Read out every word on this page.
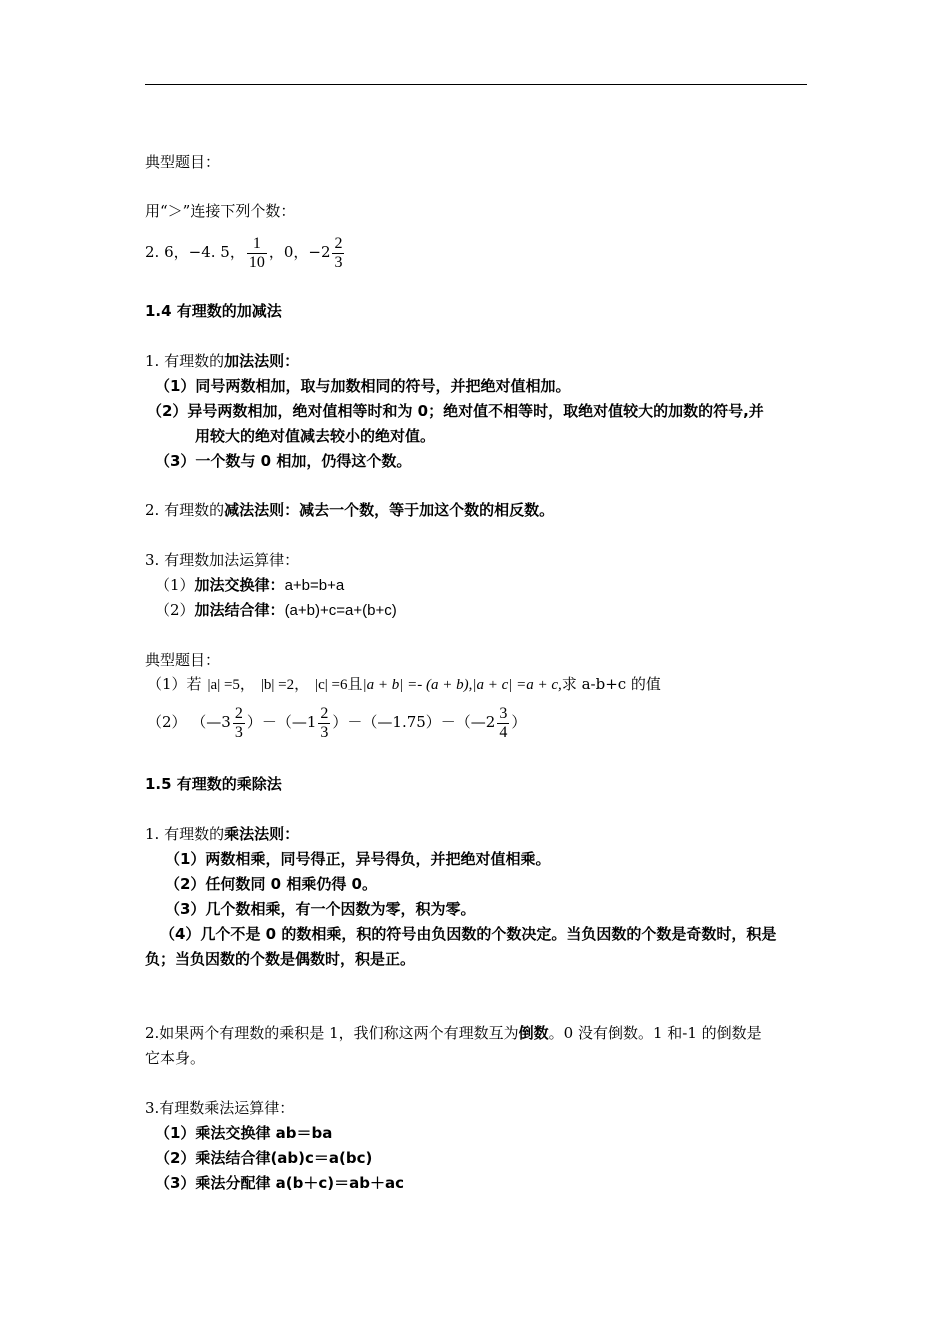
典型题目：
用“＞”连接下列个数：
2. 6，−4. 5， $\frac{1}{10}$ ，0，$-2 \frac{2}{3}$
1.4 有理数的加减法
1. 有理数的加法法则：
（1）同号两数相加，取与加数相同的符号，并把绝对值相加。
（2）异号两数相加，绝对值相等时和为 0；绝对值不相等时，取绝对值较大的加数的符号,并
用较大的绝对值减去较小的绝对值。
（3）一个数与 0 相加，仍得这个数。
2. 有理数的减法法则：减去一个数，等于加这个数的相反数。
3. 有理数加法运算律：
（1）加法交换律：a+b=b+a
（2）加法结合律：(a+b)+c=a+(b+c)
典型题目：
（1）若 |a| =5， |b| =2， |c| =6且|a + b| =- (a + b),|a + c| =a + c,求 a-b+c 的值
（2） （—3 $\frac{2}{3}$ ）－（—1 $\frac{2}{3}$ ）－（—1.75）－（—2 $\frac{3}{4}$ ）
1.5 有理数的乘除法
1. 有理数的乘法法则：
（1）两数相乘，同号得正，异号得负，并把绝对值相乘。
（2）任何数同 0 相乘仍得 0。
（3）几个数相乘，有一个因数为零，积为零。
（4）几个不是 0 的数相乘，积的符号由负因数的个数决定。当负因数的个数是奇数时，积是
负；当负因数的个数是偶数时，积是正。
2.如果两个有理数的乘积是 1，我们称这两个有理数互为倒数。0 没有倒数。1 和-1 的倒数是
它本身。
3.有理数乘法运算律：
（1）乘法交换律 ab＝ba
（2）乘法结合律(ab)c＝a(bc)
（3）乘法分配律 a(b＋c)＝ab＋ac
